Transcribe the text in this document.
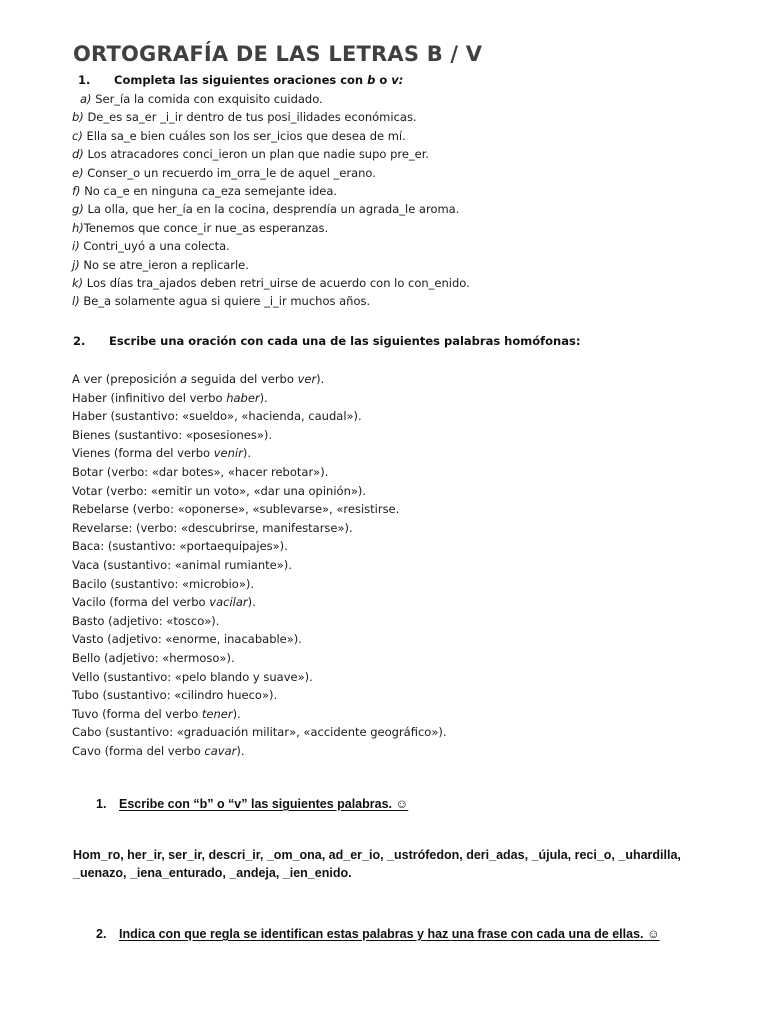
ORTOGRAFÍA DE LAS LETRAS B / V
1. Completa las siguientes oraciones con b o v:
a) Ser_ía la comida con exquisito cuidado.
b) De_es sa_er _i_ir dentro de tus posi_ilidades económicas.
c) Ella sa_e bien cuáles son los ser_icios que desea de mí.
d) Los atracadores conci_ieron un plan que nadie supo pre_er.
e) Conser_o un recuerdo im_orra_le de aquel _erano.
f) No ca_e en ninguna ca_eza semejante idea.
g) La olla, que her_ía en la cocina, desprendía un agrada_le aroma.
h)Tenemos que conce_ir nue_as esperanzas.
i) Contri_uyó a una colecta.
j) No se atre_ieron a replicarle.
k) Los días tra_ajados deben retri_uirse de acuerdo con lo con_enido.
l) Be_a solamente agua si quiere _i_ir muchos años.
2. Escribe una oración con cada una de las siguientes palabras homófonas:
A ver (preposición a seguida del verbo ver).
Haber (infinitivo del verbo haber).
Haber (sustantivo: «sueldo», «hacienda, caudal»).
Bienes (sustantivo: «posesiones»).
Vienes (forma del verbo venir).
Botar (verbo: «dar botes», «hacer rebotar»).
Votar (verbo: «emitir un voto», «dar una opinión»).
Rebelarse (verbo: «oponerse», «sublevarse», «resistirse.
Revelarse: (verbo: «descubrirse, manifestarse»).
Baca: (sustantivo: «portaequipajes»).
Vaca (sustantivo: «animal rumiante»).
Bacilo (sustantivo: «microbio»).
Vacilo (forma del verbo vacilar).
Basto (adjetivo: «tosco»).
Vasto (adjetivo: «enorme, inacabable»).
Bello (adjetivo: «hermoso»).
Vello (sustantivo: «pelo blando y suave»).
Tubo (sustantivo: «cilindro hueco»).
Tuvo (forma del verbo tener).
Cabo (sustantivo: «graduación militar», «accidente geográfico»).
Cavo (forma del verbo cavar).
1. Escribe con “b” o “v” las siguientes palabras. ☺
Hom_ro, her_ir, ser_ir, descri_ir, _om_ona, ad_er_io, _ustrófedon, deri_adas, _újula, reci_o, _uhardilla,
_uenazo, _iena_enturado, _andeja, _ien_enido.
2. Indica con que regla se identifican estas palabras y haz una frase con cada una de ellas. ☺
